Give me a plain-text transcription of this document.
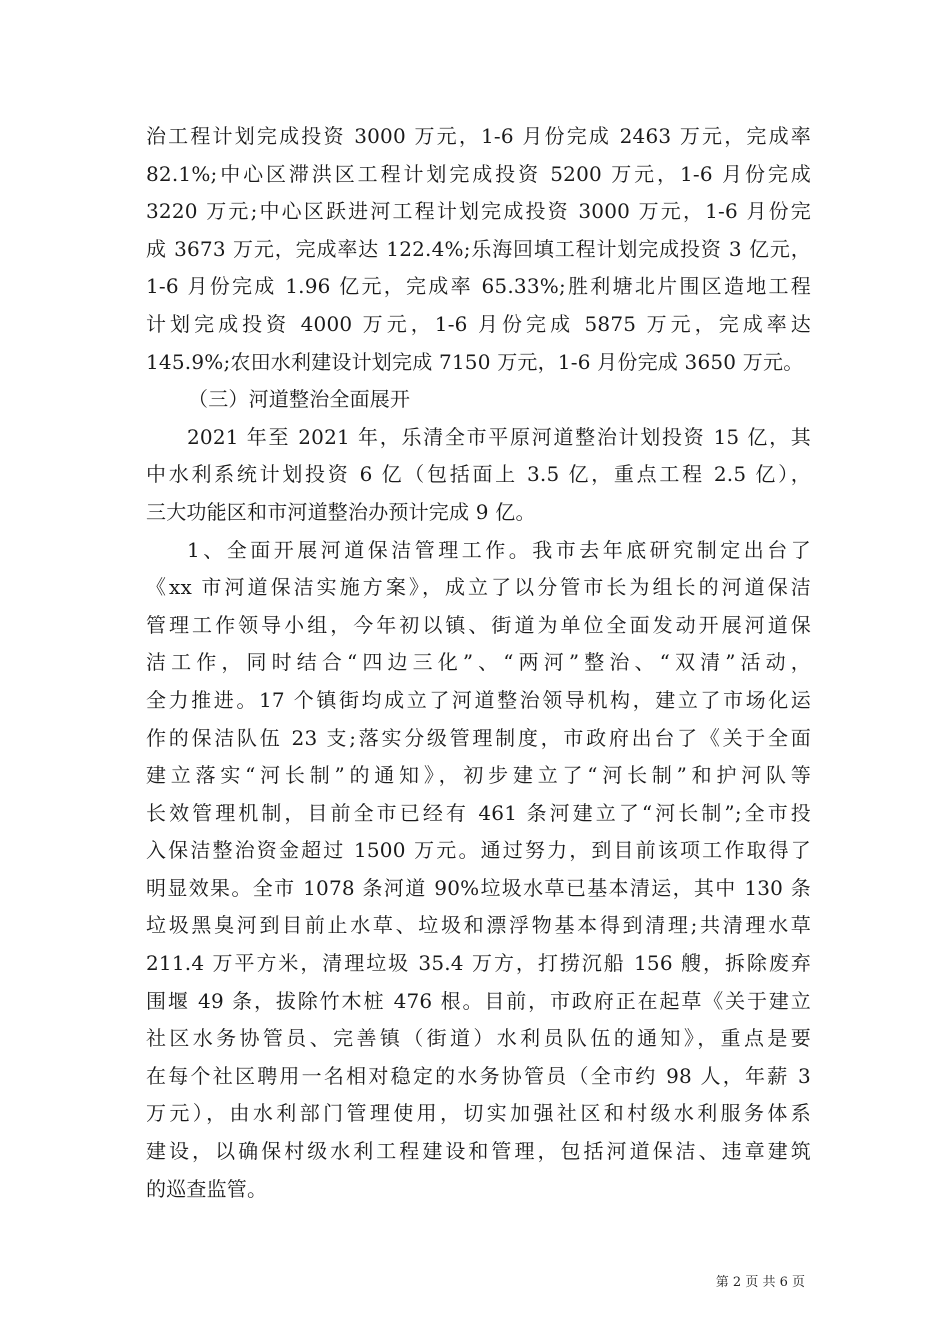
治工程计划完成投资 3000 万元，1-6 月份完成 2463 万元，完成率
82.1%;中心区滞洪区工程计划完成投资 5200 万元，1-6 月份完成
3220 万元;中心区跃进河工程计划完成投资 3000 万元，1-6 月份完
成 3673 万元，完成率达 122.4%;乐海回填工程计划完成投资 3 亿元，
1-6 月份完成 1.96 亿元，完成率 65.33%;胜利塘北片围区造地工程
计划完成投资 4000 万元，1-6 月份完成 5875 万元，完成率达
145.9%;农田水利建设计划完成 7150 万元，1-6 月份完成 3650 万元。
（三）河道整治全面展开
2021 年至 2021 年，乐清全市平原河道整治计划投资 15 亿，其
中水利系统计划投资 6 亿（包括面上 3.5 亿，重点工程 2.5 亿），
三大功能区和市河道整治办预计完成 9 亿。
1、全面开展河道保洁管理工作。我市去年底研究制定出台了
《xx 市河道保洁实施方案》，成立了以分管市长为组长的河道保洁
管理工作领导小组，今年初以镇、街道为单位全面发动开展河道保
洁工作，同时结合“四边三化”、“两河”整治、“双清”活动，
全力推进。17 个镇街均成立了河道整治领导机构，建立了市场化运
作的保洁队伍 23 支;落实分级管理制度，市政府出台了《关于全面
建立落实“河长制”的通知》，初步建立了“河长制”和护河队等
长效管理机制，目前全市已经有 461 条河建立了“河长制”;全市投
入保洁整治资金超过 1500 万元。通过努力，到目前该项工作取得了
明显效果。全市 1078 条河道 90%垃圾水草已基本清运，其中 130 条
垃圾黑臭河到目前止水草、垃圾和漂浮物基本得到清理;共清理水草
211.4 万平方米，清理垃圾 35.4 万方，打捞沉船 156 艘，拆除废弃
围堰 49 条，拔除竹木桩 476 根。目前，市政府正在起草《关于建立
社区水务协管员、完善镇（街道）水利员队伍的通知》，重点是要
在每个社区聘用一名相对稳定的水务协管员（全市约 98 人，年薪 3
万元），由水利部门管理使用，切实加强社区和村级水利服务体系
建设，以确保村级水利工程建设和管理，包括河道保洁、违章建筑
的巡查监管。
第 2 页 共 6 页
